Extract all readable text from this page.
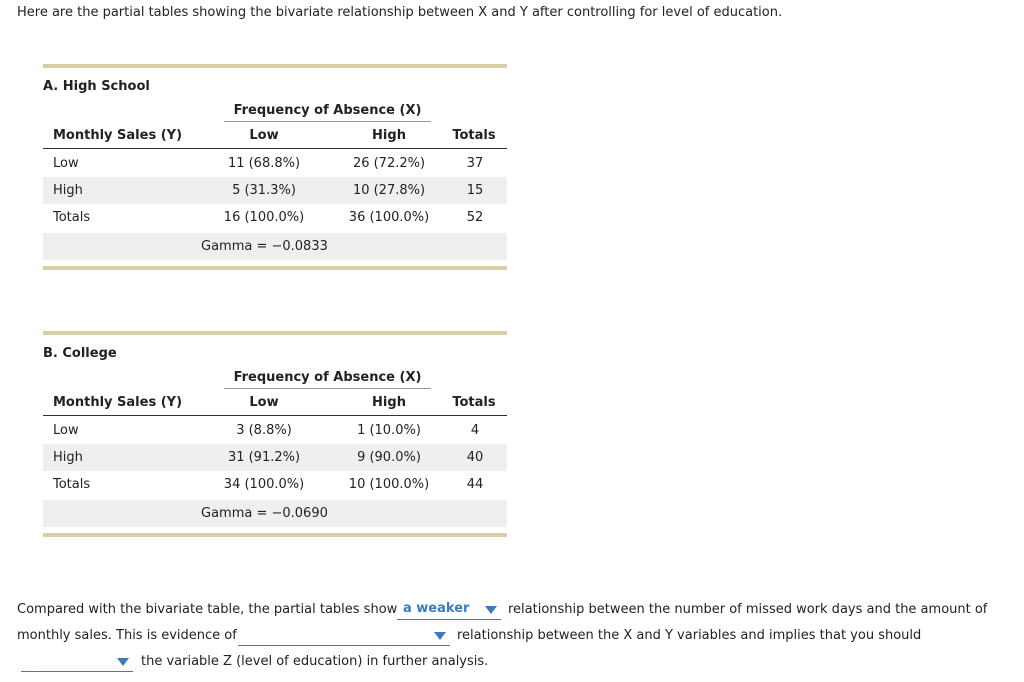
Here are the partial tables showing the bivariate relationship between X and Y after controlling for level of education.
A. High School
Frequency of Absence (X)
Monthly Sales (Y)	Low	High	Totals
Low	11 (68.8%)	26 (72.2%)	37
High	5 (31.3%)	10 (27.8%)	15
Totals	16 (100.0%)	36 (100.0%)	52
Gamma = −0.0833
B. College
Frequency of Absence (X)
Monthly Sales (Y)	Low	High	Totals
Low	3 (8.8%)	1 (10.0%)	4
High	31 (91.2%)	9 (90.0%)	40
Totals	34 (100.0%)	10 (100.0%)	44
Gamma = −0.0690
Compared with the bivariate table, the partial tables show a weaker	relationship between the number of missed work days and the amount of
monthly sales. This is evidence of	relationship between the X and Y variables and implies that you should
the variable Z (level of education) in further analysis.
